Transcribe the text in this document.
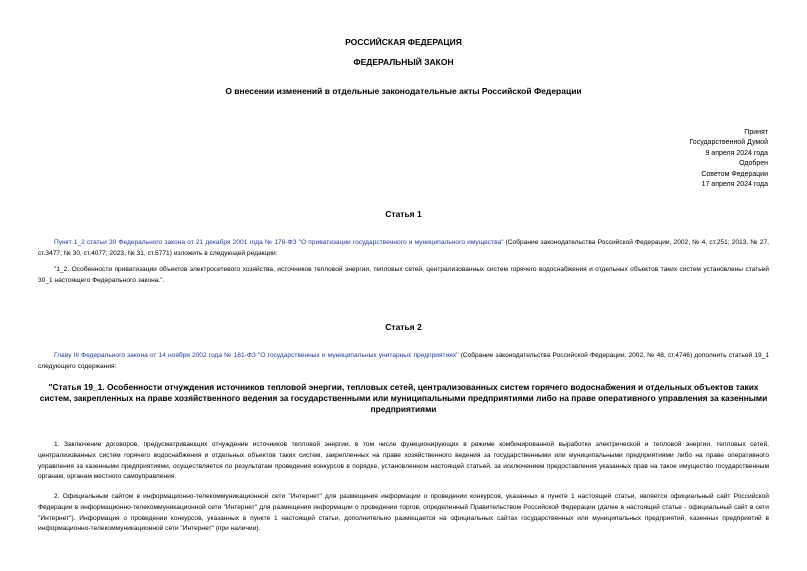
РОССИЙСКАЯ ФЕДЕРАЦИЯ
ФЕДЕРАЛЬНЫЙ ЗАКОН
О внесении изменений в отдельные законодательные акты Российской Федерации
Принят
Государственной Думой
9 апреля 2024 года
Одобрен
Советом Федерации
17 апреля 2024 года
Статья 1
Пункт 1_2 статьи 30 Федерального закона от 21 декабря 2001 года № 178-ФЗ "О приватизации государственного и муниципального имущества" (Собрание законодательства Российской Федерации, 2002, № 4, ст.251; 2013, № 27, ст.3477; № 30, ст.4077; 2023, № 31, ст.5771) изложить в следующей редакции:
"1_2. Особенности приватизации объектов электросетевого хозяйства, источников тепловой энергии, тепловых сетей, централизованных систем горячего водоснабжения и отдельных объектов таких систем установлены статьей 30_1 настоящего Федерального закона.".
Статья 2
Главу III Федерального закона от 14 ноября 2002 года № 161-ФЗ "О государственных и муниципальных унитарных предприятиях" (Собрание законодательства Российской Федерации, 2002, № 48, ст.4746) дополнить статьей 19_1 следующего содержания:
"Статья 19_1. Особенности отчуждения источников тепловой энергии, тепловых сетей, централизованных систем горячего водоснабжения и отдельных объектов таких систем, закрепленных на праве хозяйственного ведения за государственными или муниципальными предприятиями либо на праве оперативного управления за казенными предприятиями
1. Заключение договоров, предусматривающих отчуждение источников тепловой энергии, в том числе функционирующих в режиме комбинированной выработки электрической и тепловой энергии, тепловых сетей, централизованных систем горячего водоснабжения и отдельных объектов таких систем, закрепленных на праве хозяйственного ведения за государственными или муниципальными предприятиями либо на праве оперативного управления за казенными предприятиями, осуществляется по результатам проведения конкурсов в порядке, установленном настоящей статьей, за исключением предоставления указанных прав на такое имущество государственным органам, органам местного самоуправления.
2. Официальным сайтом в информационно-телекоммуникационной сети "Интернет" для размещения информации о проведении конкурсов, указанных в пункте 1 настоящей статьи, является официальный сайт Российской Федерации в информационно-телекоммуникационной сети "Интернет" для размещения информации о проведении торгов, определенный Правительством Российской Федерации (далее в настоящей статье - официальный сайт в сети "Интернет"). Информация о проведении конкурсов, указанных в пункте 1 настоящей статьи, дополнительно размещается на официальных сайтах государственных или муниципальных предприятий, казенных предприятий в информационно-телекоммуникационной сети "Интернет" (при наличии).
